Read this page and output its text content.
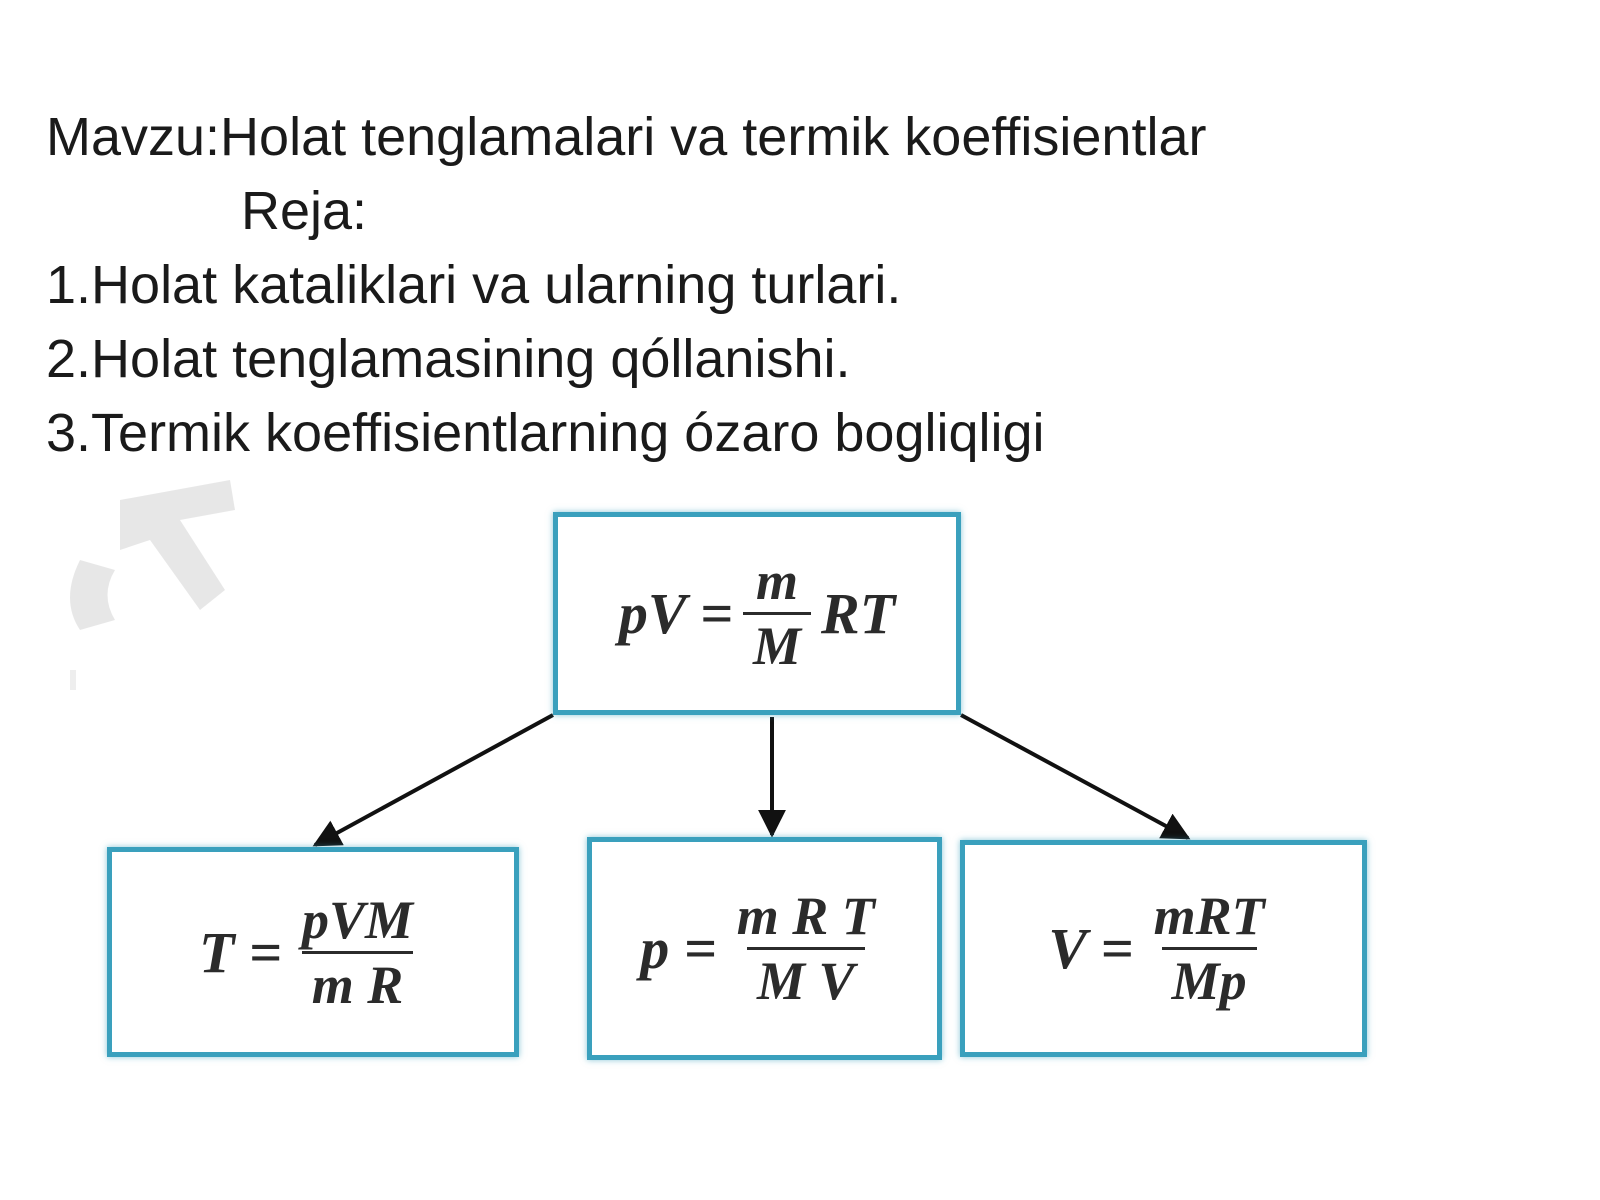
Mavzu:Holat tenglamalari va termik koeffisientlar
Reja:
1.Holat kataliklari va ularning turlari.
2.Holat tenglamasining qóllanishi.
3.Termik koeffisientlarning ózaro bogliqligi
pV = $\frac{m}{M}$ RT
$T = \frac{\text{pVM}}{\text{m R}}$	$p = \frac{\text{m R T}}{\text{M V}}$	$V = \frac{\text{mRT}}{Mp}$
